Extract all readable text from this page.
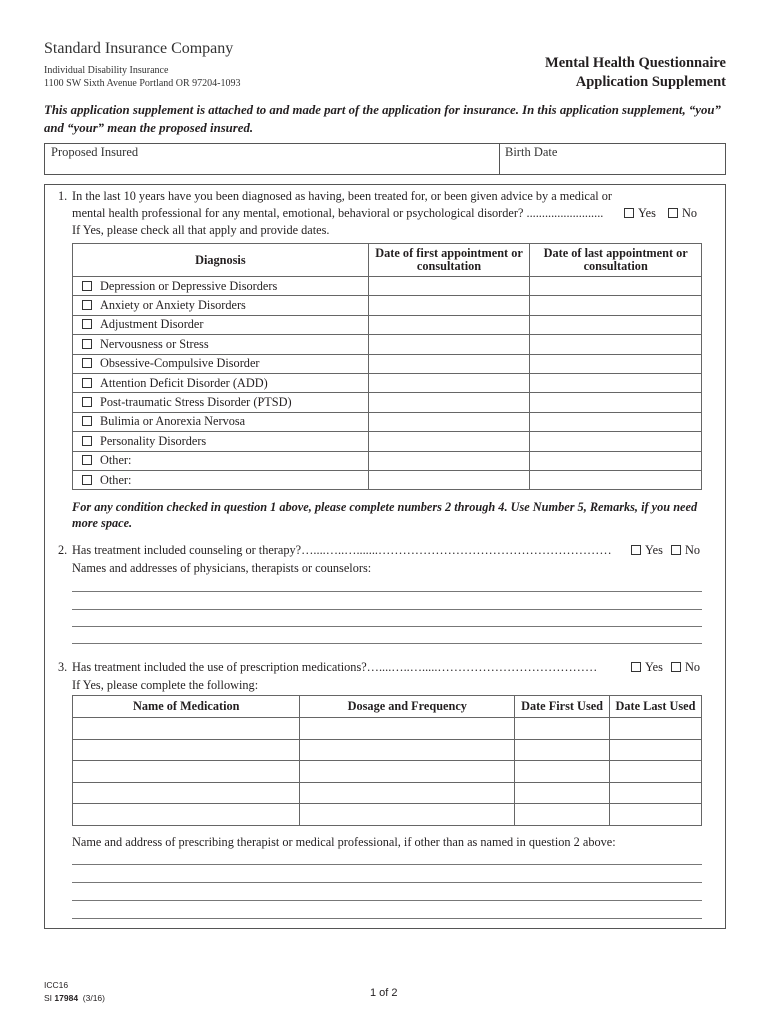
Standard Insurance Company
Individual Disability Insurance
1100 SW Sixth Avenue Portland OR 97204-1093
Mental Health Questionnaire
Application Supplement
This application supplement is attached to and made part of the application for insurance. In this application supplement, “you” and “your” mean the proposed insured.
Proposed Insured	Birth Date
1. In the last 10 years have you been diagnosed as having, been treated for, or been given advice by a medical or
mental health professional for any mental, emotional, behavioral or psychological disorder? .........................	Yes	No
If Yes, please check all that apply and provide dates.
Diagnosis	Date of first appointment or consultation	Date of last appointment or consultation
Depression or Depressive Disorders		
Anxiety or Anxiety Disorders		
Adjustment Disorder		
Nervousness or Stress		
Obsessive-Compulsive Disorder		
Attention Deficit Disorder (ADD)		
Post-traumatic Stress Disorder (PTSD)		
Bulimia or Anorexia Nervosa		
Personality Disorders		
Other:		
Other:		
For any condition checked in question 1 above, please complete numbers 2 through 4. Use Number 5, Remarks, if you need more space.
2. Has treatment included counseling or therapy?…....…..….......…………………………………………………	Yes	No
Names and addresses of physicians, therapists or counselors:
3. Has treatment included the use of prescription medications?…....…..….....…………………………………	Yes	No
If Yes, please complete the following:
Name of Medication	Dosage and Frequency	Date First Used	Date Last Used

Name and address of prescribing therapist or medical professional, if other than as named in question 2 above:
ICC16
SI 17984  (3/16)	1 of 2
